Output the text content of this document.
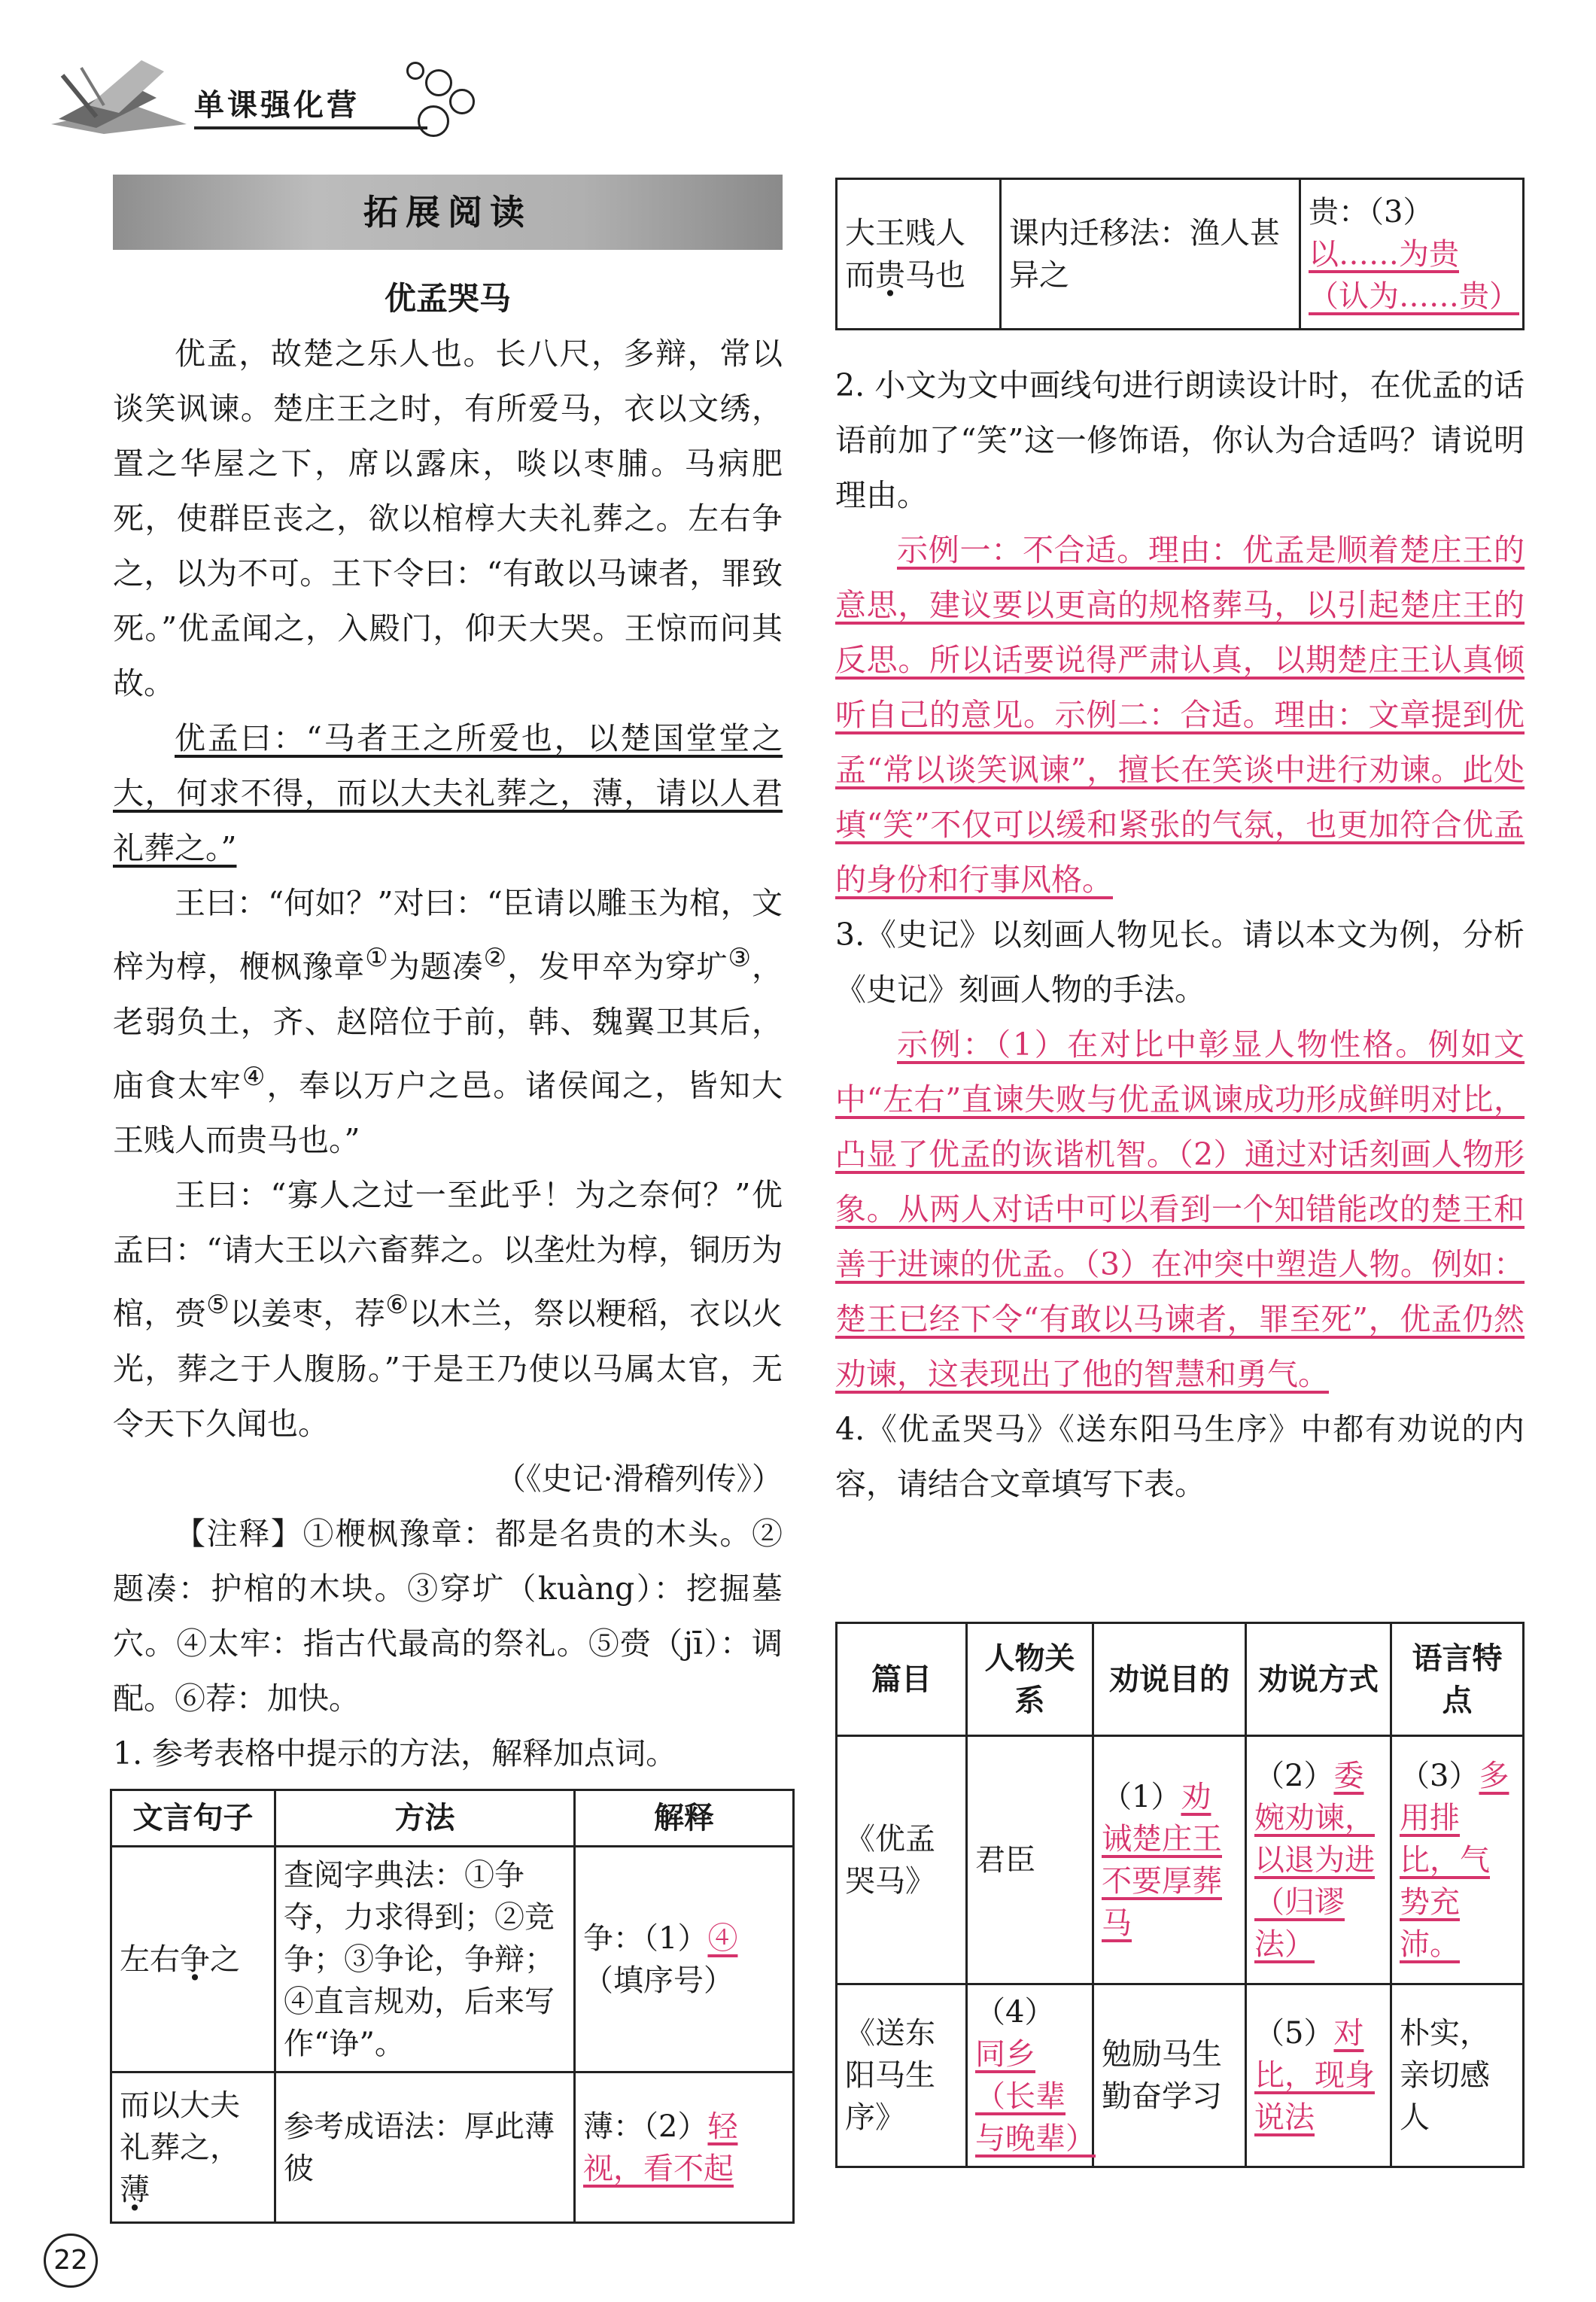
单课强化营
拓展阅读
优孟哭马

优孟，故楚之乐人也。长八尺，多辩，常以谈笑讽谏。楚庄王之时，有所爱马，衣以文绣，置之华屋之下，席以露床，啖以枣脯。马病肥死，使群臣丧之，欲以棺椁大夫礼葬之。左右争之，以为不可。王下令曰：“有敢以马谏者，罪致死。”优孟闻之，入殿门，仰天大哭。王惊而问其故。

优孟曰：“马者王之所爱也，以楚国堂堂之大，何求不得，而以大夫礼葬之，薄，请以人君礼葬之。”

王曰：“何如？”对曰：“臣请以雕玉为棺，文梓为椁，楩枫豫章①为题凑②，发甲卒为穿圹③，老弱负土，齐、赵陪位于前，韩、魏翼卫其后，庙食太牢④，奉以万户之邑。诸侯闻之，皆知大王贱人而贵马也。”

王曰：“寡人之过一至此乎！为之奈何？”优孟曰：“请大王以六畜葬之。以垄灶为椁，铜历为棺，赍⑤以姜枣，荐⑥以木兰，祭以粳稻，衣以火光，葬之于人腹肠。”于是王乃使以马属太官，无令天下久闻也。

（《史记·滑稽列传》）

【注释】①楩枫豫章：都是名贵的木头。②题凑：护棺的木块。③穿圹（kuàng）：挖掘墓穴。④太牢：指古代最高的祭礼。⑤赍（jī）：调配。⑥荐：加快。

1. 参考表格中提示的方法，解释加点词。

文言句子	方法	解释
左右争之	查阅字典法：①争夺，力求得到；②竞争；③争论，争辩；④直言规劝，后来写作“诤”。	争：（1）④
（填序号）
而以大夫礼葬之，薄	参考成语法：厚此薄彼	薄：（2）轻视，看不起
大王贱人而贵马也	课内迁移法：渔人甚异之	贵：（3）以……为贵（认为……贵）

2. 小文为文中画线句进行朗读设计时，在优孟的话语前加了“笑”这一修饰语，你认为合适吗？请说明理由。

示例一：不合适。理由：优孟是顺着楚庄王的意思，建议要以更高的规格葬马，以引起楚庄王的反思。所以话要说得严肃认真，以期楚庄王认真倾听自己的意见。示例二：合适。理由：文章提到优孟“常以谈笑讽谏”，擅长在笑谈中进行劝谏。此处填“笑”不仅可以缓和紧张的气氛，也更加符合优孟的身份和行事风格。

3.《史记》以刻画人物见长。请以本文为例，分析《史记》刻画人物的手法。

示例：（1）在对比中彰显人物性格。例如文中“左右”直谏失败与优孟讽谏成功形成鲜明对比，凸显了优孟的诙谐机智。（2）通过对话刻画人物形象。从两人对话中可以看到一个知错能改的楚王和善于进谏的优孟。（3）在冲突中塑造人物。例如：楚王已经下令“有敢以马谏者，罪至死”，优孟仍然劝谏，这表现出了他的智慧和勇气。

4.《优孟哭马》《送东阳马生序》中都有劝说的内容，请结合文章填写下表。

篇目	人物关系	劝说目的	劝说方式	语言特点
《优孟哭马》	君臣	（1）劝诫楚庄王不要厚葬马	（2）委婉劝谏，以退为进（归谬法）	（3）多用排比，气势充沛。
《送东阳马生序》	（4）同乡（长辈与晚辈）	勉励马生勤奋学习	（5）对比，现身说法	朴实，亲切感人
22
